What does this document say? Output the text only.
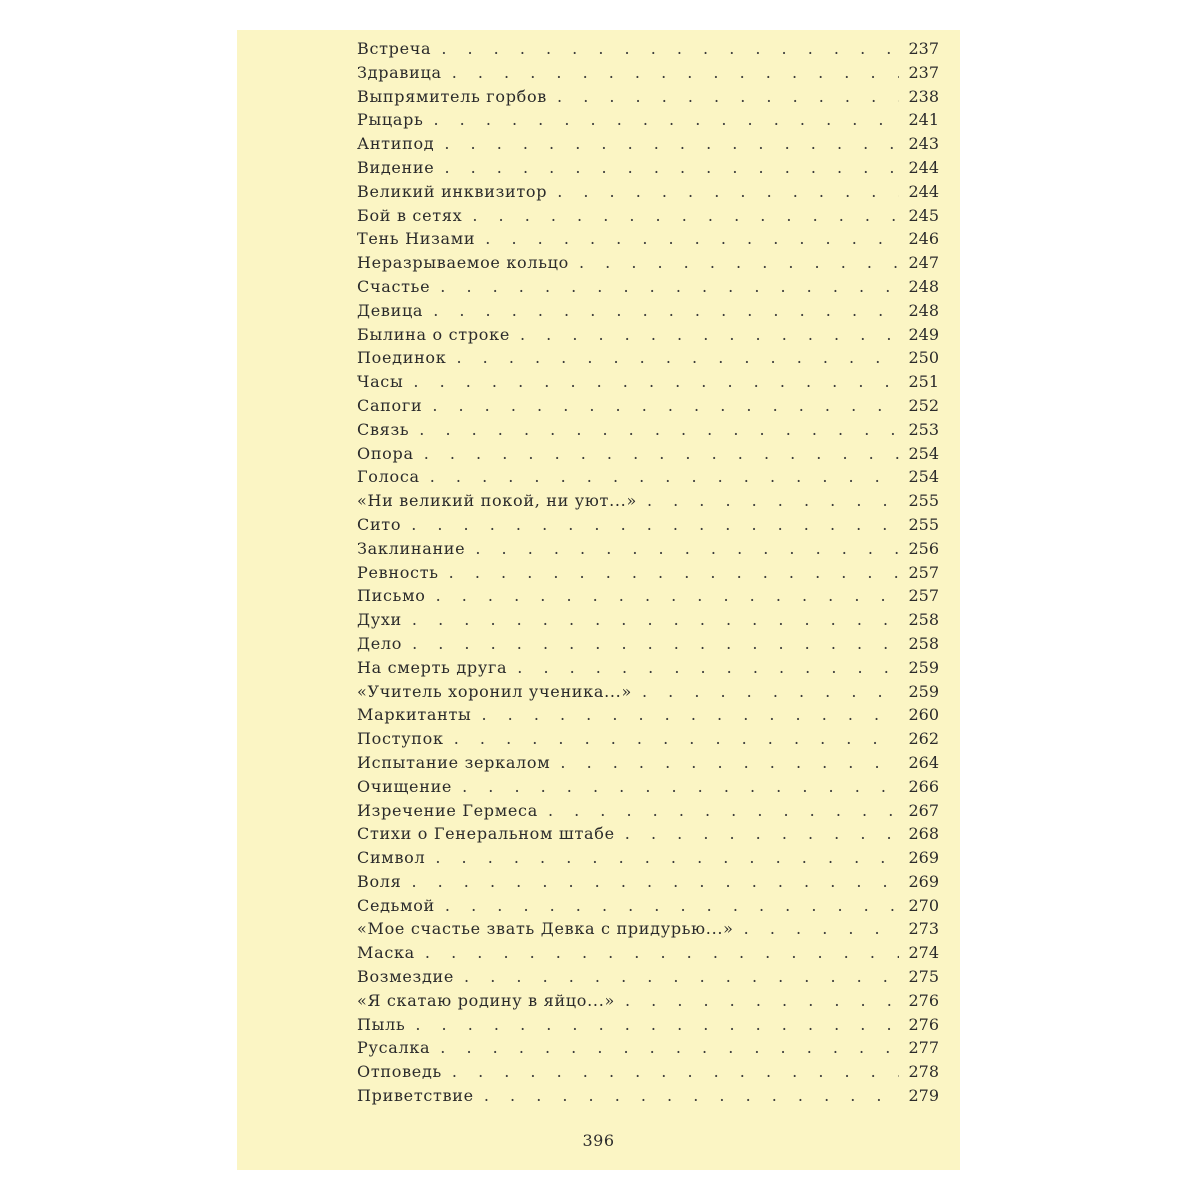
Встреча . . .	237
Здравица . . .	237
Выпрямитель горбов . . .	238
Рыцарь . . .	241
Антипод . . .	243
Видение . . .	244
Великий инквизитор . . .	244
Бой в сетях . . .	245
Тень Низами . . .	246
Неразрываемое кольцо . . .	247
Счастье . . .	248
Девица . . .	248
Былина о строке . . .	249
Поединок . . .	250
Часы . . .	251
Сапоги . . .	252
Связь . . .	253
Опора . . .	254
Голоса . . .	254
«Ни великий покой, ни уют...» . . .	255
Сито . . .	255
Заклинание . . .	256
Ревность . . .	257
Письмо . . .	257
Духи . . .	258
Дело . . .	258
На смерть друга . . .	259
«Учитель хоронил ученика...» . . .	259
Маркитанты . . .	260
Поступок . . .	262
Испытание зеркалом . . .	264
Очищение . . .	266
Изречение Гермеса . . .	267
Стихи о Генеральном штабе . . .	268
Символ . . .	269
Воля . . .	269
Седьмой . . .	270
«Мое счастье звать Девка с придурью...» . . .	273
Маска . . .	274
Возмездие . . .	275
«Я скатаю родину в яйцо...» . . .	276
Пыль . . .	276
Русалка . . .	277
Отповедь . . .	278
Приветствие . . .	279
396
